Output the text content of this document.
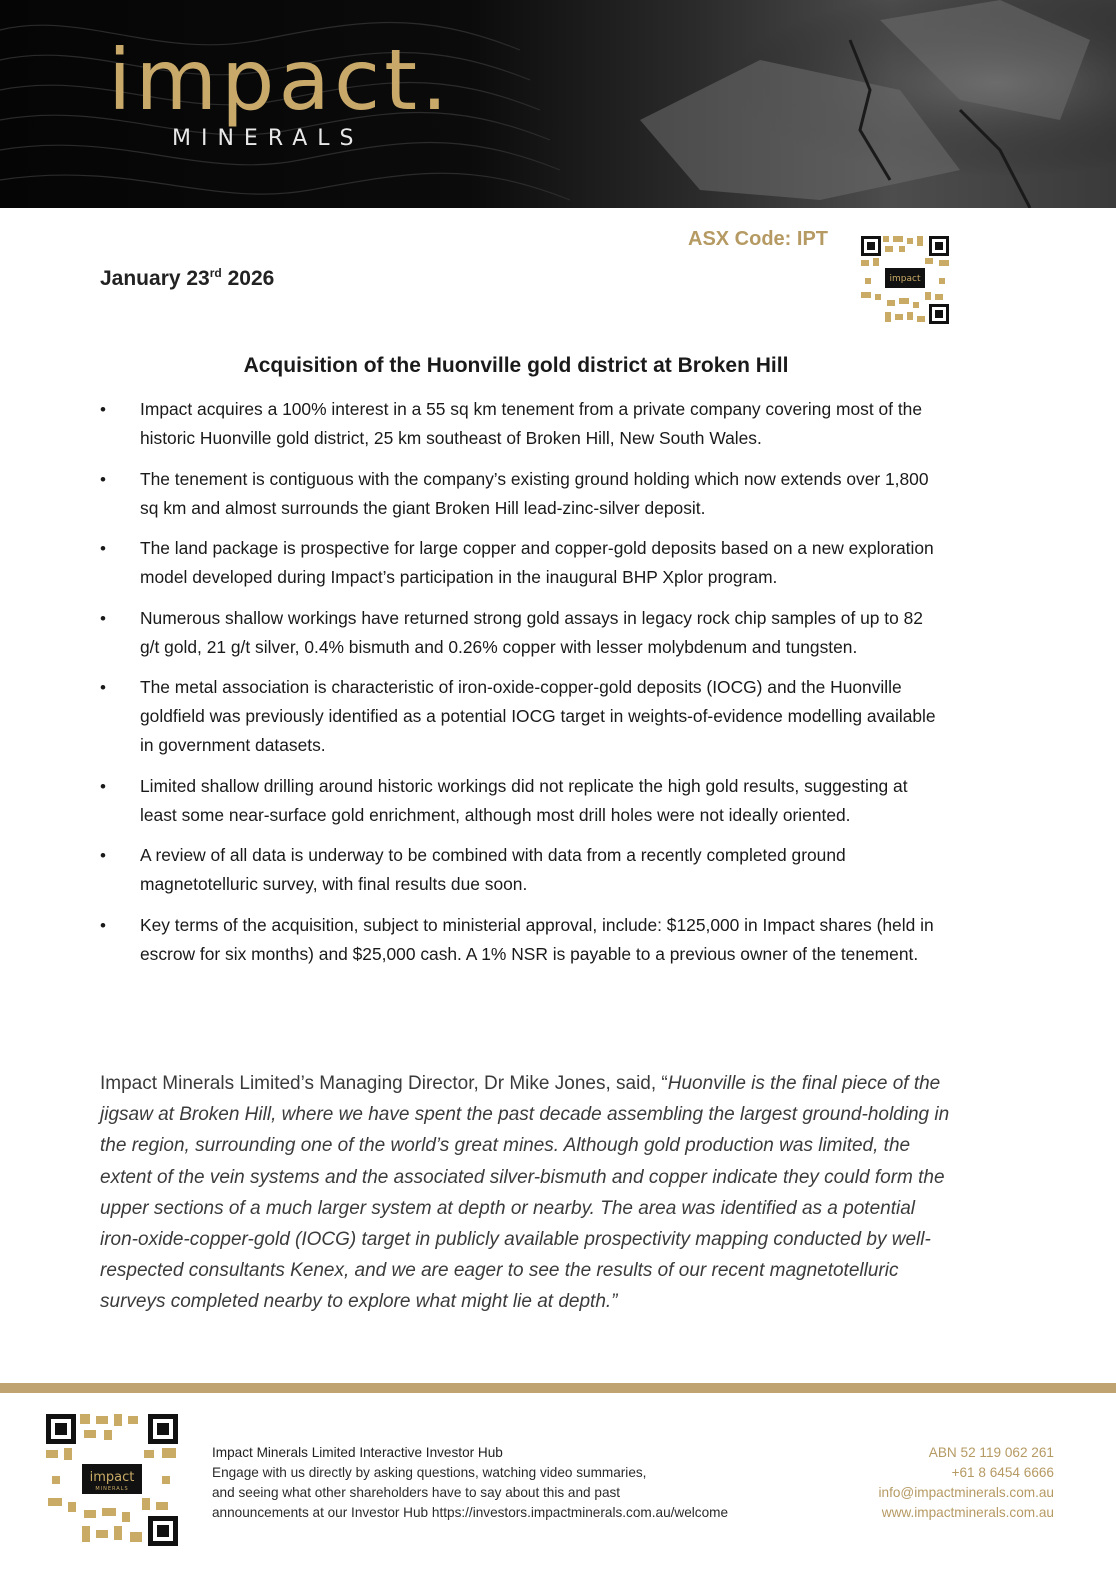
impact.
MINERALS
ASX Code: IPT
impact
January 23rd 2026
Acquisition of the Huonville gold district at Broken Hill
• Impact acquires a 100% interest in a 55 sq km tenement from a private company covering most of the historic Huonville gold district, 25 km southeast of Broken Hill, New South Wales.
• The tenement is contiguous with the company’s existing ground holding which now extends over 1,800 sq km and almost surrounds the giant Broken Hill lead-zinc-silver deposit.
• The land package is prospective for large copper and copper-gold deposits based on a new exploration model developed during Impact’s participation in the inaugural BHP Xplor program.
• Numerous shallow workings have returned strong gold assays in legacy rock chip samples of up to 82 g/t gold, 21 g/t silver, 0.4% bismuth and 0.26% copper with lesser molybdenum and tungsten.
• The metal association is characteristic of iron-oxide-copper-gold deposits (IOCG) and the Huonville goldfield was previously identified as a potential IOCG target in weights-of-evidence modelling available in government datasets.
• Limited shallow drilling around historic workings did not replicate the high gold results, suggesting at least some near-surface gold enrichment, although most drill holes were not ideally oriented.
• A review of all data is underway to be combined with data from a recently completed ground magnetotelluric survey, with final results due soon.
• Key terms of the acquisition, subject to ministerial approval, include: $125,000 in Impact shares (held in escrow for six months) and $25,000 cash. A 1% NSR is payable to a previous owner of the tenement.
Impact Minerals Limited’s Managing Director, Dr Mike Jones, said, “Huonville is the final piece of the jigsaw at Broken Hill, where we have spent the past decade assembling the largest ground-holding in the region, surrounding one of the world’s great mines. Although gold production was limited, the extent of the vein systems and the associated silver-bismuth and copper indicate they could form the upper sections of a much larger system at depth or nearby. The area was identified as a potential iron-oxide-copper-gold (IOCG) target in publicly available prospectivity mapping conducted by well-respected consultants Kenex, and we are eager to see the results of our recent magnetotelluric surveys completed nearby to explore what might lie at depth.”
impact
MINERALS
Impact Minerals Limited Interactive Investor Hub
Engage with us directly by asking questions, watching video summaries,
and seeing what other shareholders have to say about this and past
announcements at our Investor Hub https://investors.impactminerals.com.au/welcome
ABN 52 119 062 261
+61 8 6454 6666
info@impactminerals.com.au
www.impactminerals.com.au
